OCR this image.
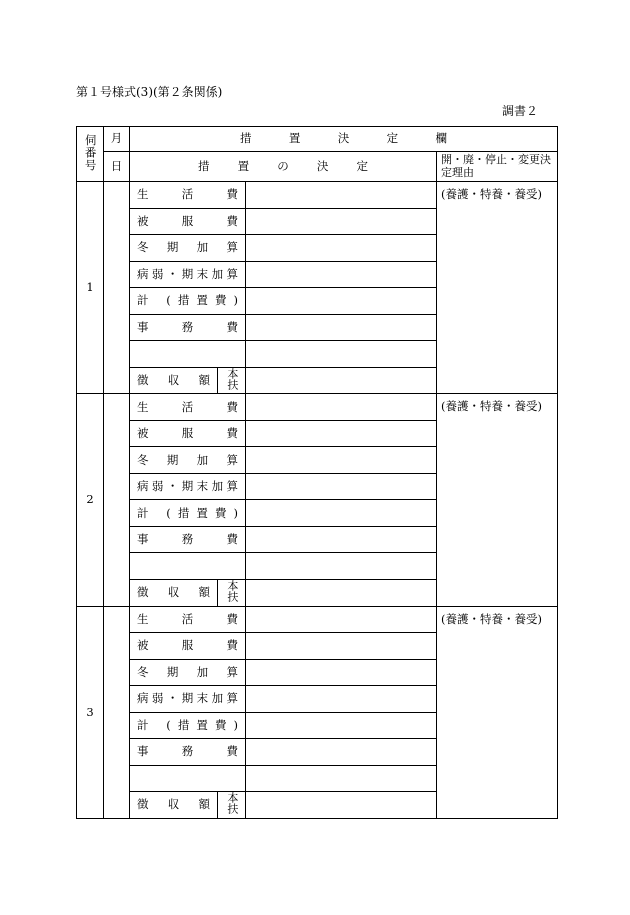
第１号様式(3)(第２条関係)
調書２
伺番号	月	措 置 決 定 欄			

	日	措 置 の 決 定			開・廃・停止・変更決定理由
1		生 活 費			(養護・特養・養受)
		被 服 費			
		冬 期 加 算			
		病弱・期末加算			
		計 (措置費)			
		事 務 費			

		徴 収 額	本扶		
2		生 活 費			(養護・特養・養受)
		被 服 費			
		冬 期 加 算			
		病弱・期末加算			
		計 (措置費)			
		事 務 費			

		徴 収 額	本扶		
3		生 活 費			(養護・特養・養受)
		被 服 費			
		冬 期 加 算			
		病弱・期末加算			
		計 (措置費)			
		事 務 費			

		徴 収 額	本扶		
